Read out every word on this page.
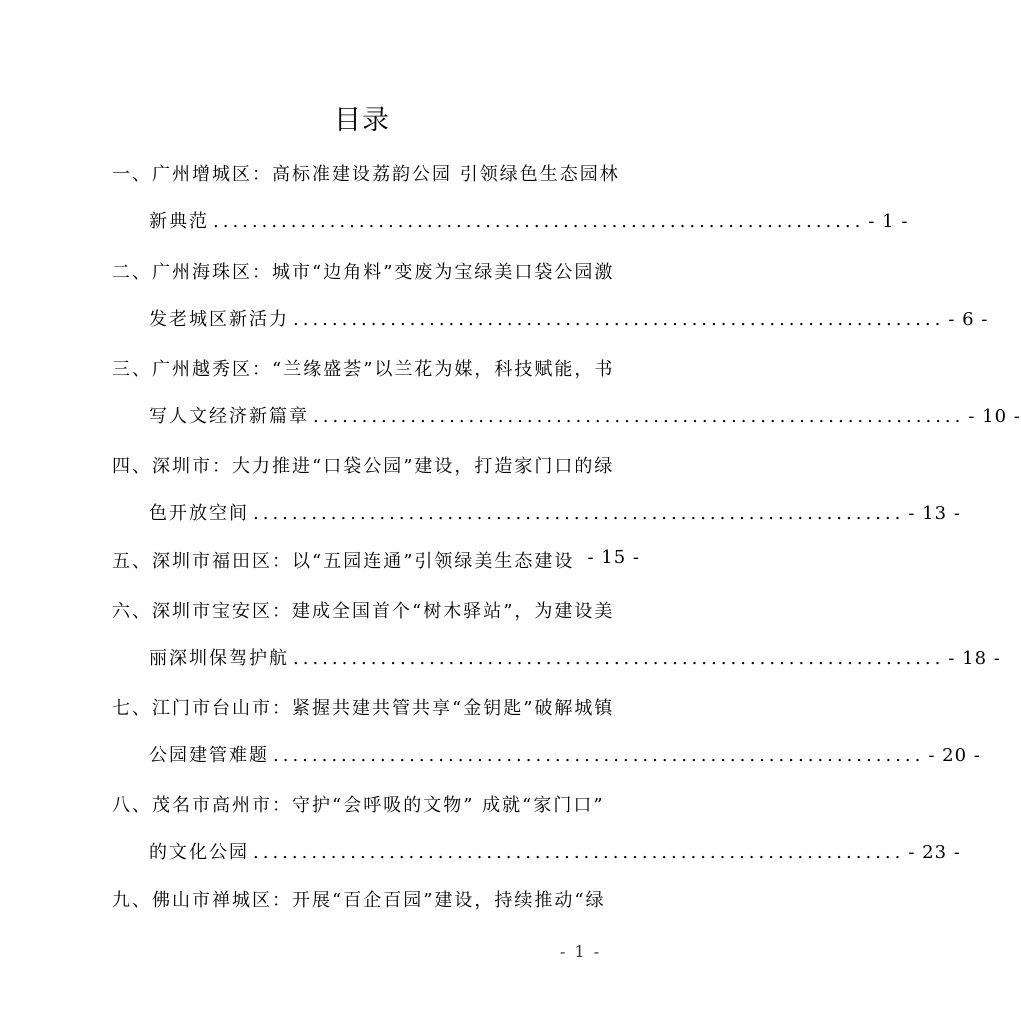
目录
一、广州增城区：高标准建设荔韵公园 引领绿色生态园林
新典范 ................................................................... - 1 -
二、广州海珠区：城市“边角料”变废为宝绿美口袋公园激
发老城区新活力 ................................................................... - 6 -
三、广州越秀区：“兰缘盛荟”以兰花为媒，科技赋能，书
写人文经济新篇章 ................................................................... - 10 -
四、深圳市：大力推进“口袋公园”建设，打造家门口的绿
色开放空间 ................................................................... - 13 -
五、深圳市福田区：以“五园连通”引领绿美生态建设 - 15 -
六、深圳市宝安区：建成全国首个“树木驿站”，为建设美
丽深圳保驾护航 ................................................................... - 18 -
七、江门市台山市：紧握共建共管共享“金钥匙”破解城镇
公园建管难题 ................................................................... - 20 -
八、茂名市高州市：守护“会呼吸的文物” 成就“家门口”
的文化公园 ................................................................... - 23 -
九、佛山市禅城区：开展“百企百园”建设，持续推动“绿
- 1 -
